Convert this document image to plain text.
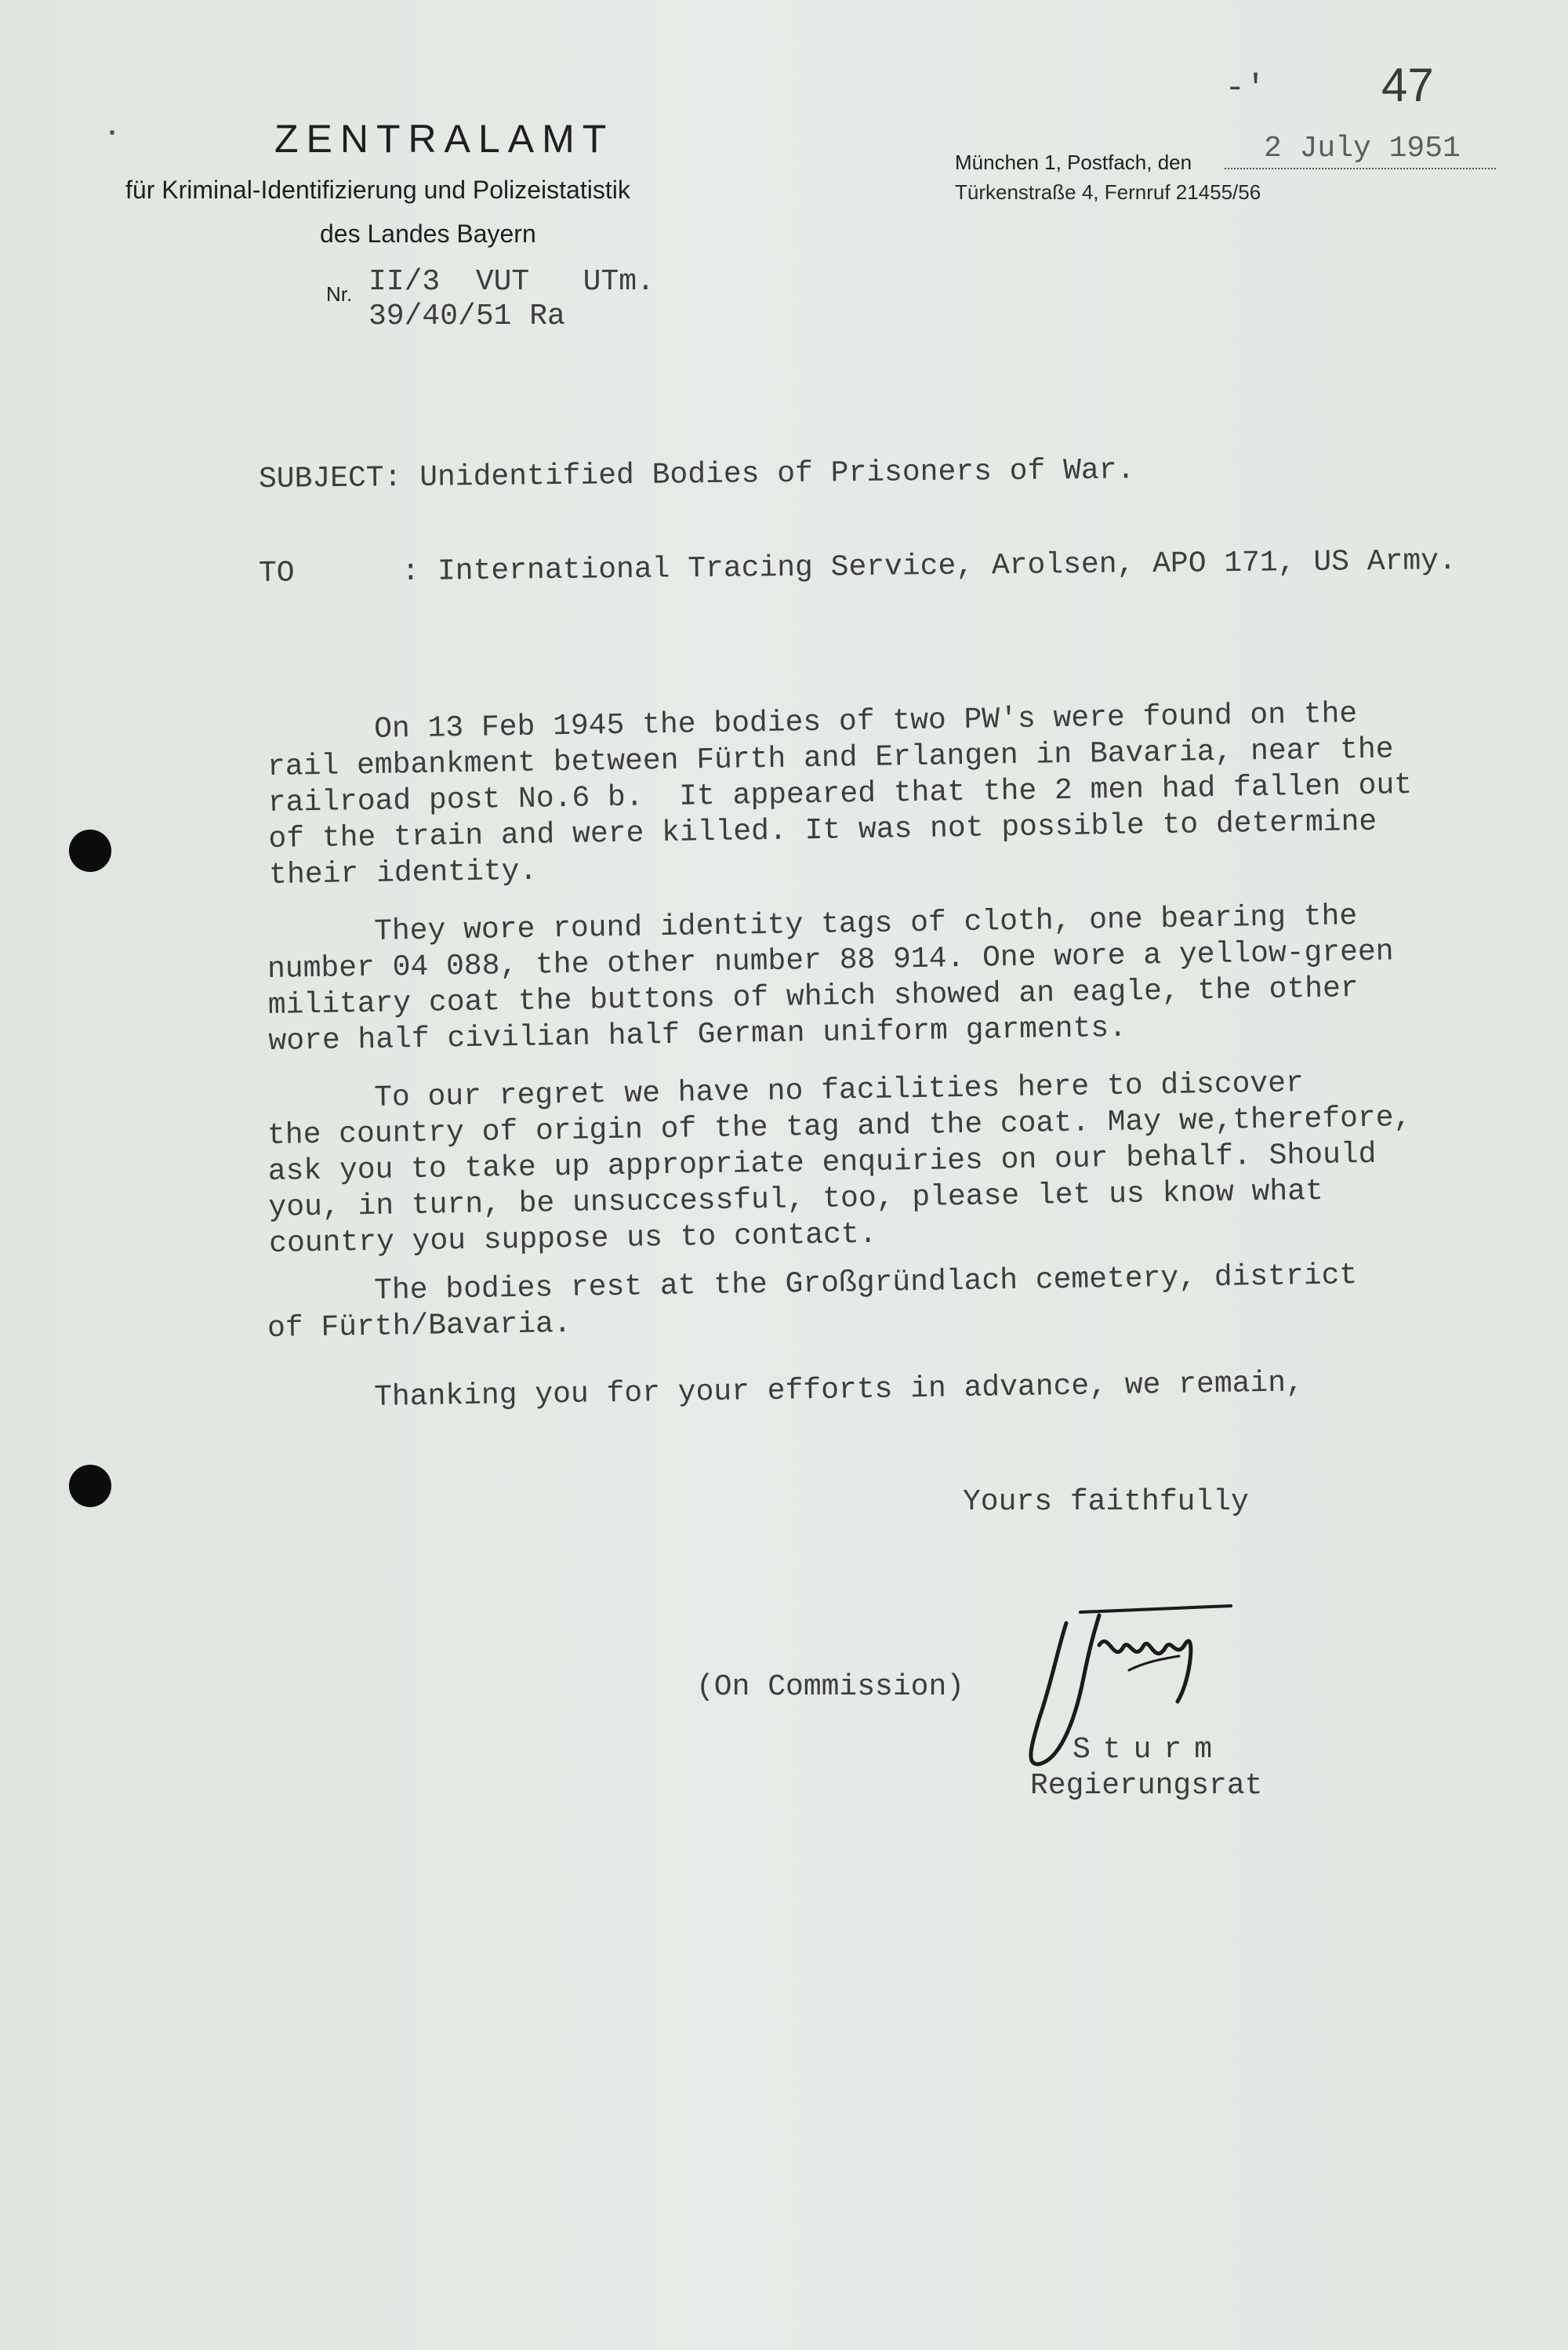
ZENTRALAMT
für Kriminal-Identifizierung und Polizeistatistik
des Landes Bayern
Nr. II/3  VUT   UTm.
39/40/51 Ra
-' 47
München 1, Postfach, den 2 July 1951
Türkenstraße 4, Fernruf 21455/56
SUBJECT: Unidentified Bodies of Prisoners of War.
TO      : International Tracing Service, Arolsen, APO 171, US Army.

On 13 Feb 1945 the bodies of two PW's were found on the
rail embankment between Fürth and Erlangen in Bavaria, near the
railroad post No.6 b.  It appeared that the 2 men had fallen out
of the train and were killed. It was not possible to determine
their identity.

They wore round identity tags of cloth, one bearing the
number 04 088, the other number 88 914. One wore a yellow-green
military coat the buttons of which showed an eagle, the other
wore half civilian half German uniform garments.

To our regret we have no facilities here to discover
the country of origin of the tag and the coat. May we,therefore,
ask you to take up appropriate enquiries on our behalf. Should
you, in turn, be unsuccessful, too, please let us know what
country you suppose us to contact.

The bodies rest at the Großgründlach cemetery, district
of Fürth/Bavaria.

Thanking you for your efforts in advance, we remain,

Yours faithfully
(On Commission)
Sturm
Regierungsrat
